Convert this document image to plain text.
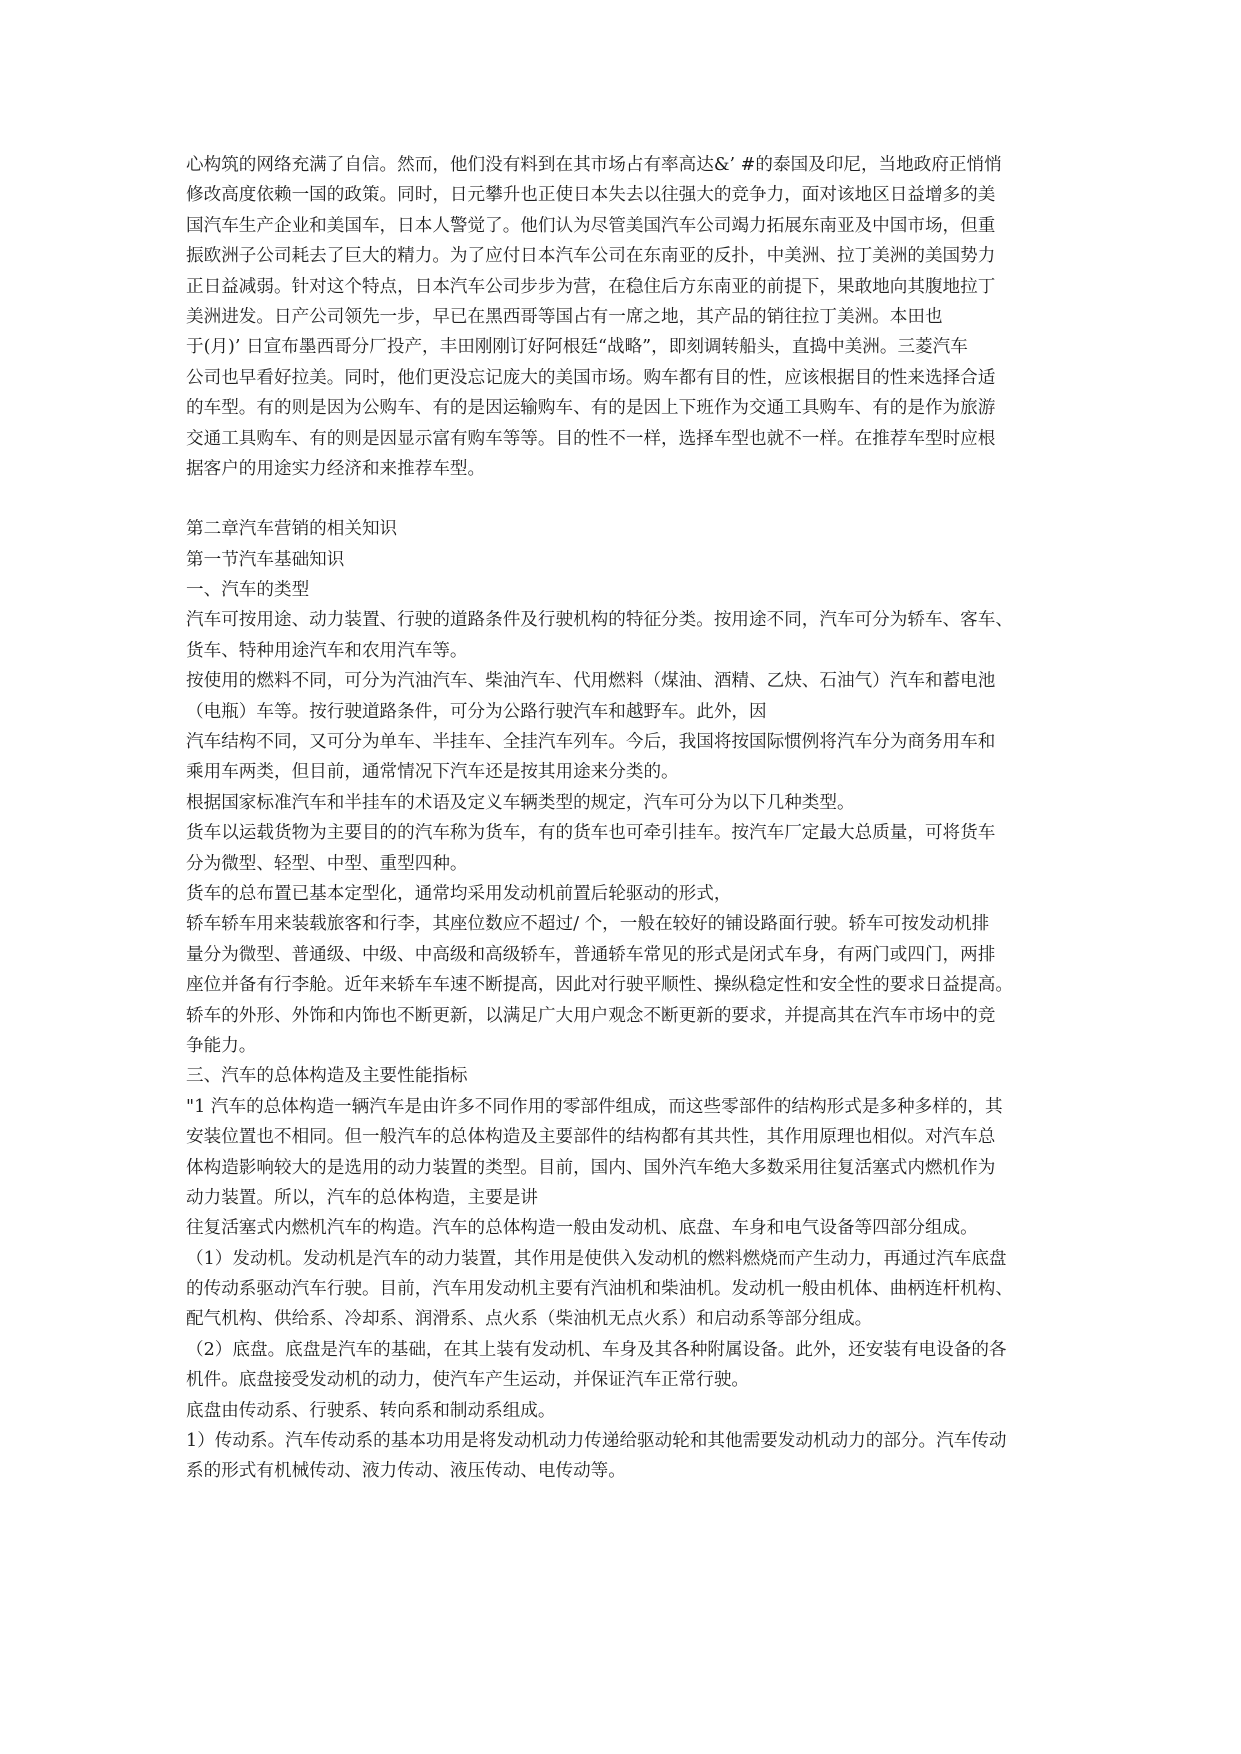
心构筑的网络充满了自信。然而，他们没有料到在其市场占有率高达&’ #的泰国及印尼，当地政府正悄悄
修改高度依赖一国的政策。同时，日元攀升也正使日本失去以往强大的竞争力，面对该地区日益增多的美
国汽车生产企业和美国车，日本人警觉了。他们认为尽管美国汽车公司竭力拓展东南亚及中国市场，但重
振欧洲子公司耗去了巨大的精力。为了应付日本汽车公司在东南亚的反扑，中美洲、拉丁美洲的美国势力
正日益减弱。针对这个特点，日本汽车公司步步为营，在稳住后方东南亚的前提下，果敢地向其腹地拉丁
美洲进发。日产公司领先一步，早已在黑西哥等国占有一席之地，其产品的销往拉丁美洲。本田也
于(月)’ 日宣布墨西哥分厂投产，丰田刚刚订好阿根廷“战略”，即刻调转船头，直捣中美洲。三菱汽车
公司也早看好拉美。同时，他们更没忘记庞大的美国市场。购车都有目的性，应该根据目的性来选择合适
的车型。有的则是因为公购车、有的是因运输购车、有的是因上下班作为交通工具购车、有的是作为旅游
交通工具购车、有的则是因显示富有购车等等。目的性不一样，选择车型也就不一样。在推荐车型时应根
据客户的用途实力经济和来推荐车型。
第二章汽车营销的相关知识
第一节汽车基础知识
一、汽车的类型
汽车可按用途、动力装置、行驶的道路条件及行驶机构的特征分类。按用途不同，汽车可分为轿车、客车、
货车、特种用途汽车和农用汽车等。
按使用的燃料不同，可分为汽油汽车、柴油汽车、代用燃料（煤油、酒精、乙炔、石油气）汽车和蓄电池
（电瓶）车等。按行驶道路条件，可分为公路行驶汽车和越野车。此外，因
汽车结构不同，又可分为单车、半挂车、全挂汽车列车。今后，我国将按国际惯例将汽车分为商务用车和
乘用车两类，但目前，通常情况下汽车还是按其用途来分类的。
根据国家标准汽车和半挂车的术语及定义车辆类型的规定，汽车可分为以下几种类型。
货车以运载货物为主要目的的汽车称为货车，有的货车也可牵引挂车。按汽车厂定最大总质量，可将货车
分为微型、轻型、中型、重型四种。
货车的总布置已基本定型化，通常均采用发动机前置后轮驱动的形式，
轿车轿车用来装载旅客和行李，其座位数应不超过/ 个，一般在较好的铺设路面行驶。轿车可按发动机排
量分为微型、普通级、中级、中高级和高级轿车，普通轿车常见的形式是闭式车身，有两门或四门，两排
座位并备有行李舱。近年来轿车车速不断提高，因此对行驶平顺性、操纵稳定性和安全性的要求日益提高。
轿车的外形、外饰和内饰也不断更新，以满足广大用户观念不断更新的要求，并提高其在汽车市场中的竞
争能力。
三、汽车的总体构造及主要性能指标
"1 汽车的总体构造一辆汽车是由许多不同作用的零部件组成，而这些零部件的结构形式是多种多样的，其
安装位置也不相同。但一般汽车的总体构造及主要部件的结构都有其共性，其作用原理也相似。对汽车总
体构造影响较大的是选用的动力装置的类型。目前，国内、国外汽车绝大多数采用往复活塞式内燃机作为
动力装置。所以，汽车的总体构造，主要是讲
往复活塞式内燃机汽车的构造。汽车的总体构造一般由发动机、底盘、车身和电气设备等四部分组成。
（1）发动机。发动机是汽车的动力装置，其作用是使供入发动机的燃料燃烧而产生动力，再通过汽车底盘
的传动系驱动汽车行驶。目前，汽车用发动机主要有汽油机和柴油机。发动机一般由机体、曲柄连杆机构、
配气机构、供给系、冷却系、润滑系、点火系（柴油机无点火系）和启动系等部分组成。
（2）底盘。底盘是汽车的基础，在其上装有发动机、车身及其各种附属设备。此外，还安装有电设备的各
机件。底盘接受发动机的动力，使汽车产生运动，并保证汽车正常行驶。
底盘由传动系、行驶系、转向系和制动系组成。
1）传动系。汽车传动系的基本功用是将发动机动力传递给驱动轮和其他需要发动机动力的部分。汽车传动
系的形式有机械传动、液力传动、液压传动、电传动等。
